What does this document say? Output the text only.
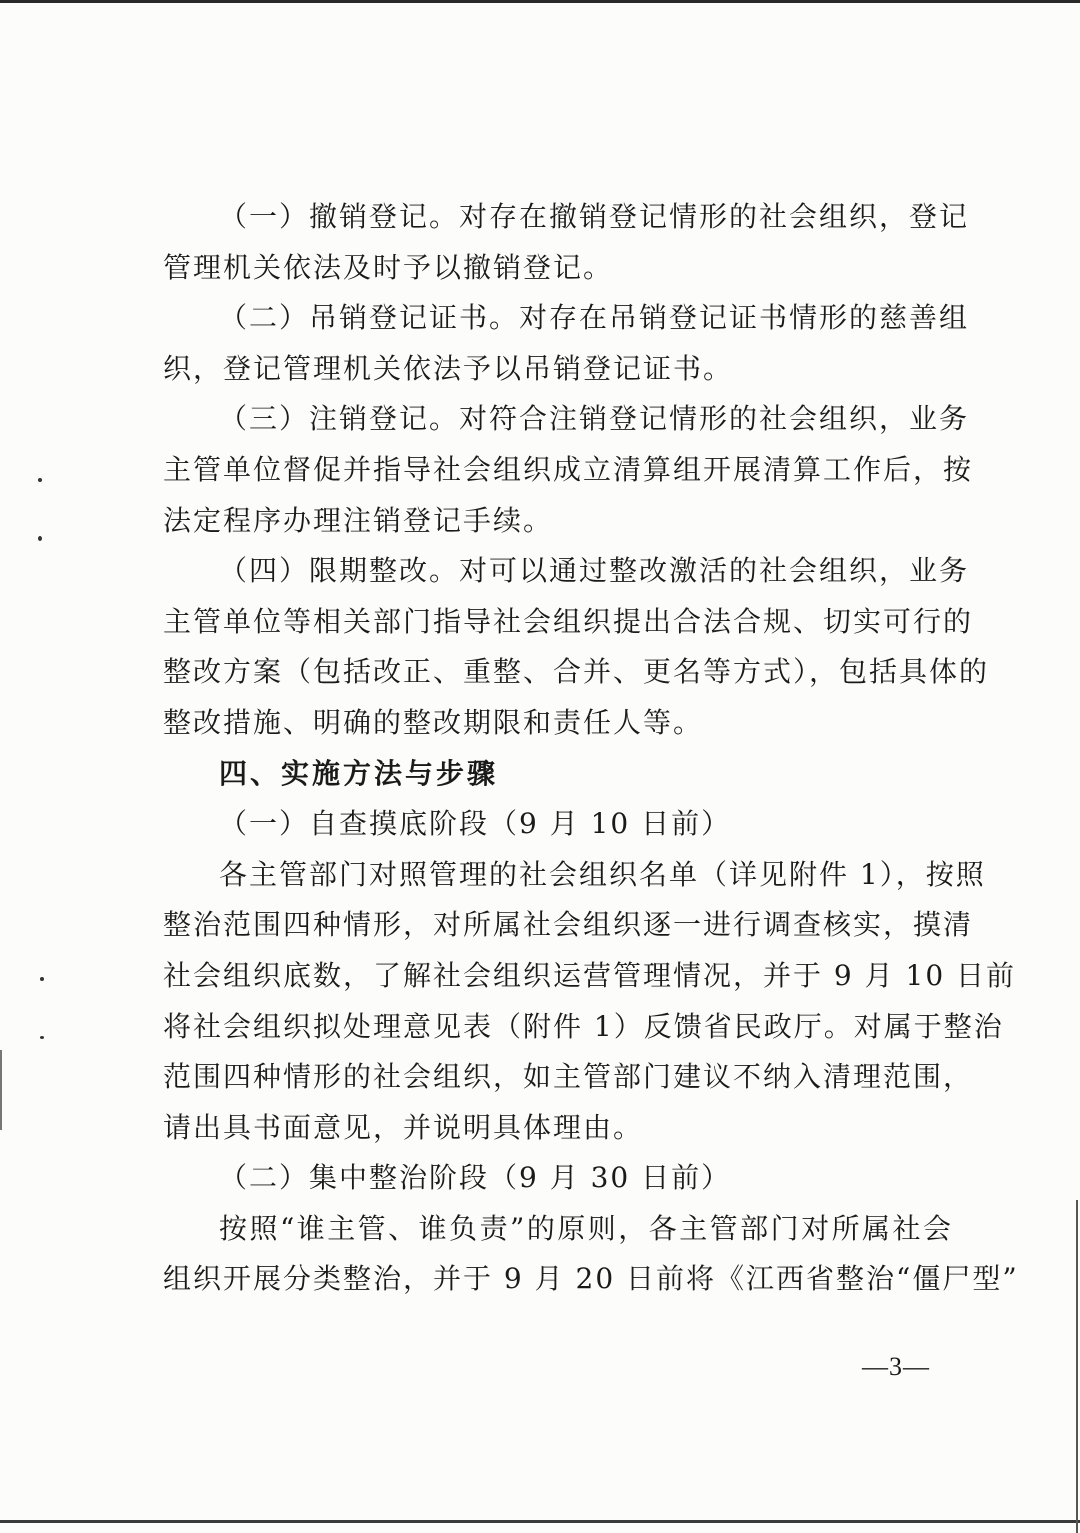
（一）撤销登记。对存在撤销登记情形的社会组织，登记
管理机关依法及时予以撤销登记。
（二）吊销登记证书。对存在吊销登记证书情形的慈善组
织，登记管理机关依法予以吊销登记证书。
（三）注销登记。对符合注销登记情形的社会组织，业务
主管单位督促并指导社会组织成立清算组开展清算工作后，按
法定程序办理注销登记手续。
（四）限期整改。对可以通过整改激活的社会组织，业务
主管单位等相关部门指导社会组织提出合法合规、切实可行的
整改方案（包括改正、重整、合并、更名等方式），包括具体的
整改措施、明确的整改期限和责任人等。
四、实施方法与步骤
（一）自查摸底阶段（9 月 10 日前）
各主管部门对照管理的社会组织名单（详见附件 1），按照
整治范围四种情形，对所属社会组织逐一进行调查核实，摸清
社会组织底数，了解社会组织运营管理情况，并于 9 月 10 日前
将社会组织拟处理意见表（附件 1）反馈省民政厅。对属于整治
范围四种情形的社会组织，如主管部门建议不纳入清理范围，
请出具书面意见，并说明具体理由。
（二）集中整治阶段（9 月 30 日前）
按照“谁主管、谁负责”的原则，各主管部门对所属社会
组织开展分类整治，并于 9 月 20 日前将《江西省整治“僵尸型”
—3—
